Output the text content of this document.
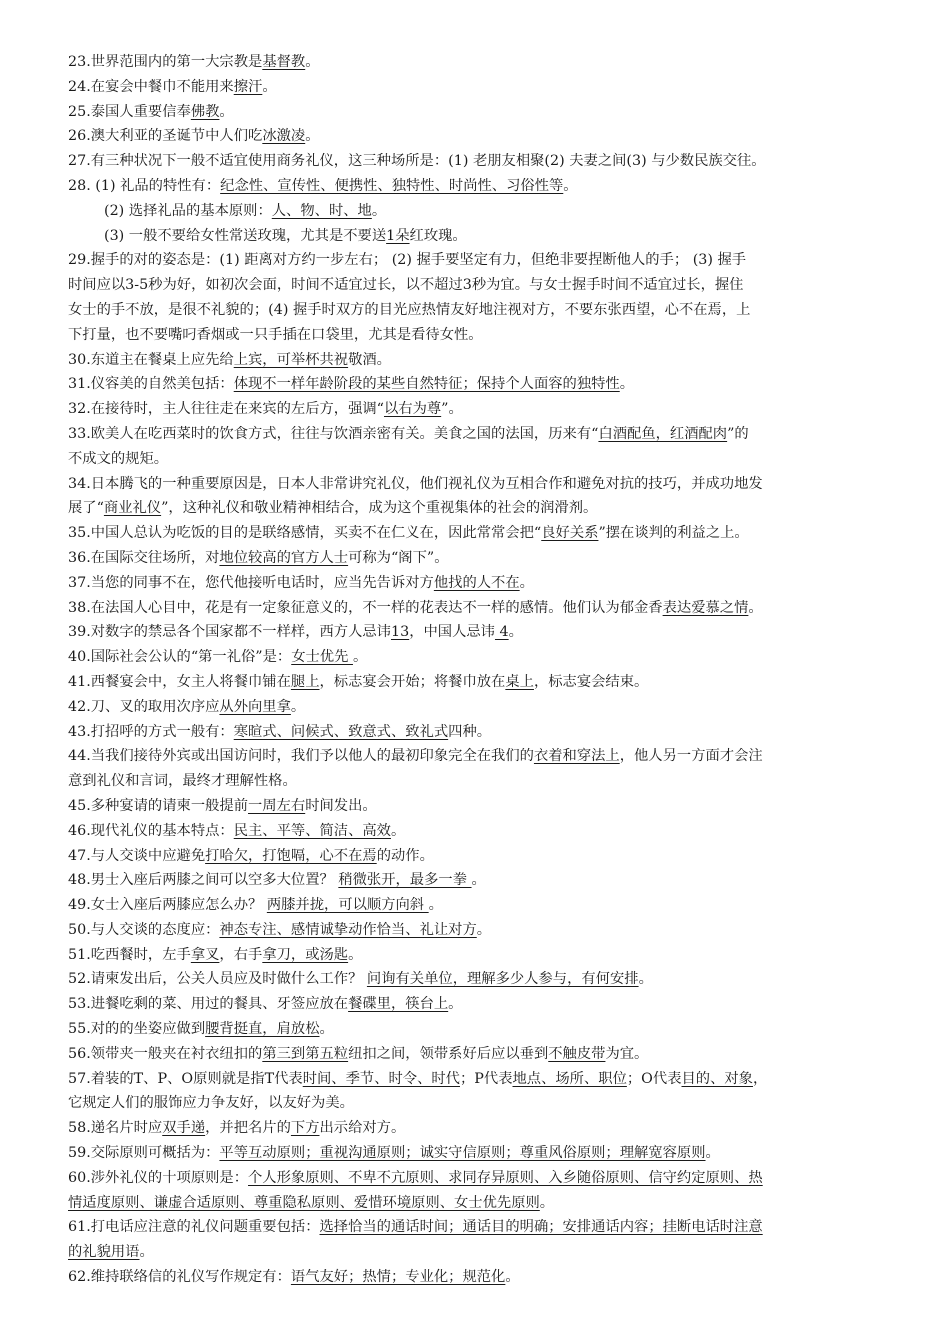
23.世界范围内的第一大宗教是基督教。
24.在宴会中餐巾不能用来擦汗。
25.泰国人重要信奉佛教。
26.澳大利亚的圣诞节中人们吃冰激凌。
27.有三种状况下一般不适宜使用商务礼仪，这三种场所是：(1) 老朋友相聚(2) 夫妻之间(3) 与少数民族交往。
28. (1) 礼品的特性有：纪念性、宣传性、便携性、独特性、时尚性、习俗性等。
(2) 选择礼品的基本原则：人、物、时、地。
(3) 一般不要给女性常送玫瑰，尤其是不要送1朵红玫瑰。
29.握手的对的姿态是：(1) 距离对方约一步左右； (2) 握手要坚定有力，但绝非要捏断他人的手； (3) 握手
时间应以3-5秒为好，如初次会面，时间不适宜过长，以不超过3秒为宜。与女士握手时间不适宜过长，握住
女士的手不放，是很不礼貌的；(4) 握手时双方的目光应热情友好地注视对方，不要东张西望，心不在焉，上
下打量，也不要嘴叼香烟或一只手插在口袋里，尤其是看待女性。
30.东道主在餐桌上应先给上宾，可举杯共祝敬酒。
31.仪容美的自然美包括：体现不一样年龄阶段的某些自然特征；保持个人面容的独特性。
32.在接待时，主人往往走在来宾的左后方，强调“以右为尊”。
33.欧美人在吃西菜时的饮食方式，往往与饮酒亲密有关。美食之国的法国，历来有“白酒配鱼，红酒配肉”的
不成文的规矩。
34.日本腾飞的一种重要原因是，日本人非常讲究礼仪，他们视礼仪为互相合作和避免对抗的技巧，并成功地发
展了“商业礼仪”，这种礼仪和敬业精神相结合，成为这个重视集体的社会的润滑剂。
35.中国人总认为吃饭的目的是联络感情，买卖不在仁义在，因此常常会把“良好关系”摆在谈判的利益之上。
36.在国际交往场所，对地位较高的官方人士可称为“阁下”。
37.当您的同事不在，您代他接听电话时，应当先告诉对方他找的人不在。
38.在法国人心目中，花是有一定象征意义的，不一样的花表达不一样的感情。他们认为郁金香表达爱慕之情。
39.对数字的禁忌各个国家都不一样样，西方人忌讳13，中国人忌讳 4。
40.国际社会公认的“第一礼俗”是：女士优先 。
41.西餐宴会中，女主人将餐巾铺在腿上，标志宴会开始；将餐巾放在桌上，标志宴会结束。
42.刀、叉的取用次序应从外向里拿。
43.打招呼的方式一般有：寒暄式、问候式、致意式、致礼式四种。
44.当我们接待外宾或出国访问时，我们予以他人的最初印象完全在我们的衣着和穿法上，他人另一方面才会注
意到礼仪和言词，最终才理解性格。
45.多种宴请的请柬一般提前一周左右时间发出。
46.现代礼仪的基本特点：民主、平等、简洁、高效。
47.与人交谈中应避免打哈欠，打饱嗝，心不在焉的动作。
48.男士入座后两膝之间可以空多大位置？ 稍微张开，最多一拳 。
49.女士入座后两膝应怎么办？ 两膝并拢，可以顺方向斜 。
50.与人交谈的态度应：神态专注、感情诚挚动作恰当、礼让对方。
51.吃西餐时，左手拿叉，右手拿刀，或汤匙。
52.请柬发出后，公关人员应及时做什么工作？ 问询有关单位，理解多少人参与，有何安排。
53.进餐吃剩的菜、用过的餐具、牙签应放在餐碟里，筷台上。
55.对的的坐姿应做到腰背挺直，肩放松。
56.领带夹一般夹在衬衣纽扣的第三到第五粒纽扣之间，领带系好后应以垂到不触皮带为宜。
57.着装的T、P、O原则就是指T代表时间、季节、时令、时代；P代表地点、场所、职位；O代表目的、对象，
它规定人们的服饰应力争友好，以友好为美。
58.递名片时应双手递，并把名片的下方出示给对方。
59.交际原则可概括为：平等互动原则；重视沟通原则；诚实守信原则；尊重风俗原则；理解宽容原则。
60.涉外礼仪的十项原则是：个人形象原则、不卑不亢原则、求同存异原则、入乡随俗原则、信守约定原则、热
情适度原则、谦虚合适原则、尊重隐私原则、爱惜环境原则、女士优先原则。
61.打电话应注意的礼仪问题重要包括：选择恰当的通话时间；通话目的明确；安排通话内容；挂断电话时注意
的礼貌用语。
62.维持联络信的礼仪写作规定有：语气友好；热情；专业化；规范化。
